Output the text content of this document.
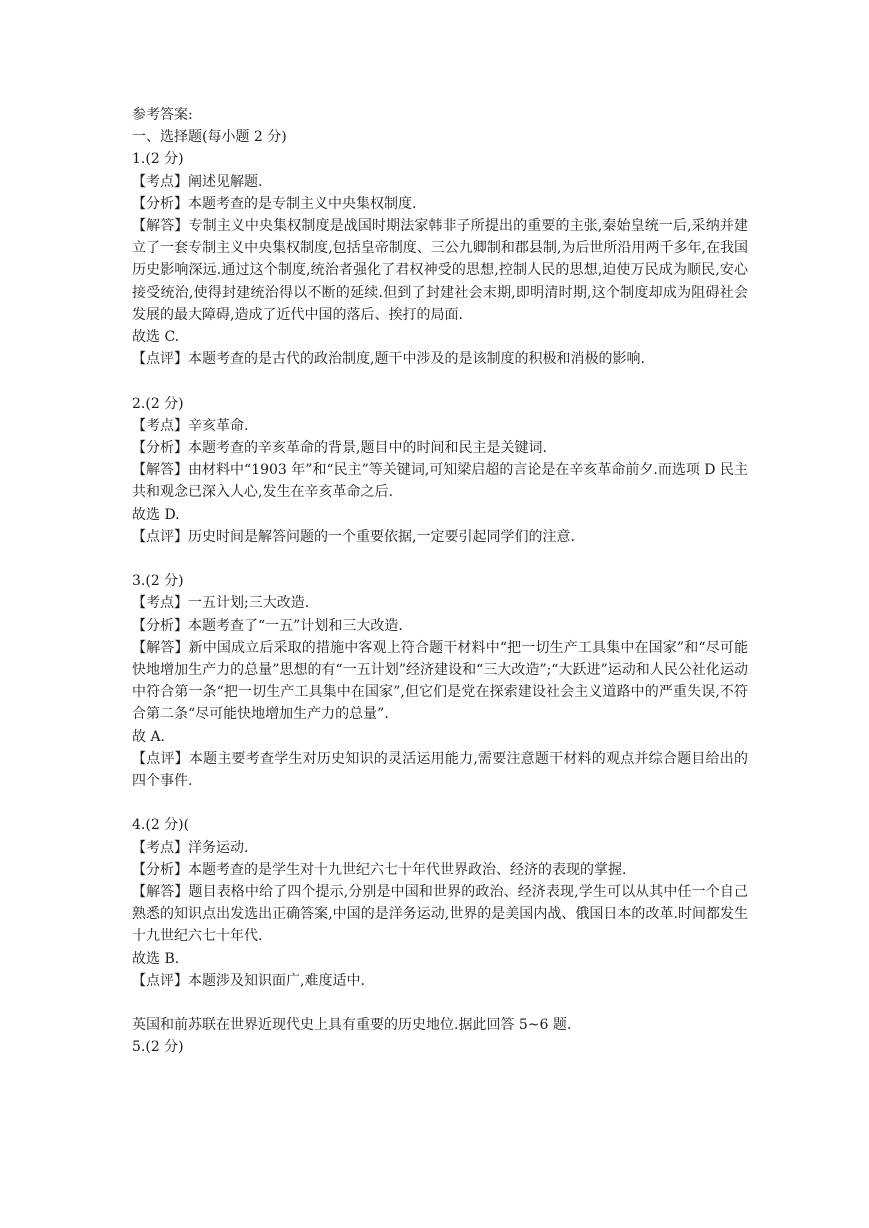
参考答案:

一、选择题(每小题 2 分)

1.(2 分)

【考点】阐述见解题.

【分析】本题考查的是专制主义中央集权制度.

【解答】专制主义中央集权制度是战国时期法家韩非子所提出的重要的主张,秦始皇统一后,采纳并建立了一套专制主义中央集权制度,包括皇帝制度、三公九卿制和郡县制,为后世所沿用两千多年,在我国历史影响深远.通过这个制度,统治者强化了君权神受的思想,控制人民的思想,迫使万民成为顺民,安心接受统治,使得封建统治得以不断的延续.但到了封建社会末期,即明清时期,这个制度却成为阻碍社会发展的最大障碍,造成了近代中国的落后、挨打的局面.

故选 C.

【点评】本题考查的是古代的政治制度,题干中涉及的是该制度的积极和消极的影响.

2.(2 分)

【考点】辛亥革命.

【分析】本题考查的辛亥革命的背景,题目中的时间和民主是关键词.

【解答】由材料中“1903 年”和“民主”等关键词,可知梁启超的言论是在辛亥革命前夕.而选项 D 民主共和观念已深入人心,发生在辛亥革命之后.

故选 D.

【点评】历史时间是解答问题的一个重要依据,一定要引起同学们的注意.

3.(2 分)

【考点】一五计划;三大改造.

【分析】本题考查了“一五”计划和三大改造.

【解答】新中国成立后采取的措施中客观上符合题干材料中“把一切生产工具集中在国家”和“尽可能快地增加生产力的总量”思想的有“一五计划”经济建设和“三大改造”;“大跃进”运动和人民公社化运动中符合第一条“把一切生产工具集中在国家”,但它们是党在探索建设社会主义道路中的严重失误,不符合第二条“尽可能快地增加生产力的总量”.

故 A.

【点评】本题主要考查学生对历史知识的灵活运用能力,需要注意题干材料的观点并综合题目给出的四个事件.

4.(2 分)(

【考点】洋务运动.

【分析】本题考查的是学生对十九世纪六七十年代世界政治、经济的表现的掌握.

【解答】题目表格中给了四个提示,分别是中国和世界的政治、经济表现,学生可以从其中任一个自己熟悉的知识点出发选出正确答案,中国的是洋务运动,世界的是美国内战、俄国日本的改革.时间都发生十九世纪六七十年代.

故选 B.

【点评】本题涉及知识面广,难度适中.

英国和前苏联在世界近现代史上具有重要的历史地位.据此回答 5~6 题.

5.(2 分)
